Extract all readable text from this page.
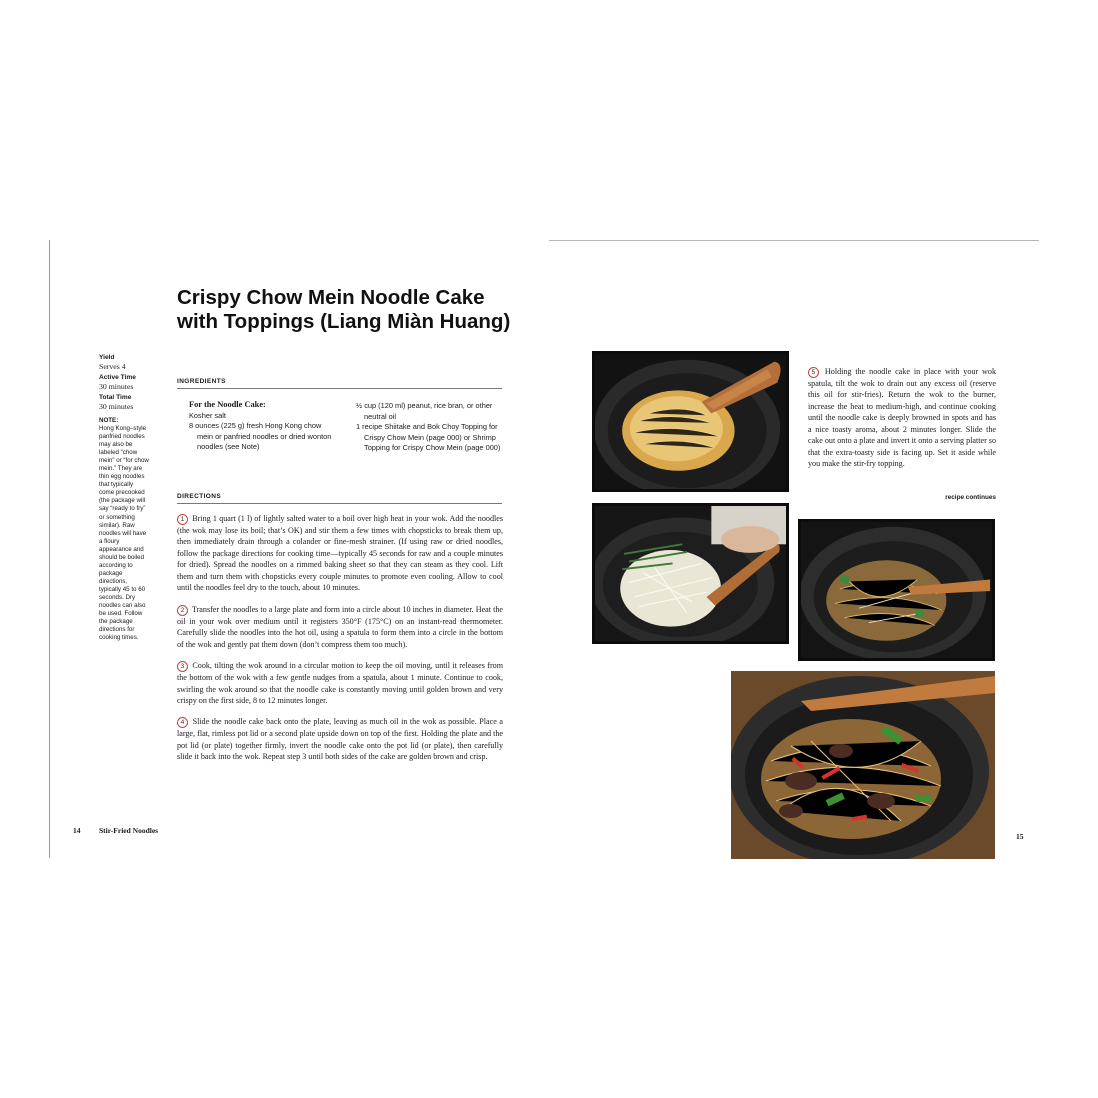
Crispy Chow Mein Noodle Cake with Toppings (Liang Miàn Huang)
Yield
Serves 4
Active Time
30 minutes
Total Time
30 minutes
NOTE:
Hong Kong–style panfried noodles may also be labeled “chow mein” or “for chow mein.” They are thin egg noodles that typically come precooked (the package will say “ready to fry” or something similar). Raw noodles will have a floury appearance and should be boiled according to package directions, typically 45 to 60 seconds. Dry noodles can also be used. Follow the package directions for cooking times.
INGREDIENTS
For the Noodle Cake:
Kosher salt
8 ounces (225 g) fresh Hong Kong chow mein or panfried noodles or dried wonton noodles (see Note)
½ cup (120 ml) peanut, rice bran, or other neutral oil
1 recipe Shiitake and Bok Choy Topping for Crispy Chow Mein (page 000) or Shrimp Topping for Crispy Chow Mein (page 000)
DIRECTIONS

1 Bring 1 quart (1 l) of lightly salted water to a boil over high heat in your wok. Add the noodles (the wok may lose its boil; that’s OK) and stir them a few times with chopsticks to break them up, then immediately drain through a colander or fine-mesh strainer. (If using raw or dried noodles, follow the package directions for cooking time—typically 45 seconds for raw and a couple minutes for dried). Spread the noodles on a rimmed baking sheet so that they can steam as they cool. Lift them and turn them with chopsticks every couple minutes to promote even cooling. Allow to cool until the noodles feel dry to the touch, about 10 minutes.

2 Transfer the noodles to a large plate and form into a circle about 10 inches in diameter. Heat the oil in your wok over medium until it registers 350°F (175°C) on an instant-read thermometer. Carefully slide the noodles into the hot oil, using a spatula to form them into a circle in the bottom of the wok and gently pat them down (don’t compress them too much).

3 Cook, tilting the wok around in a circular motion to keep the oil moving, until it releases from the bottom of the wok with a few gentle nudges from a spatula, about 1 minute. Continue to cook, swirling the wok around so that the noodle cake is constantly moving until golden brown and very crispy on the first side, 8 to 12 minutes longer.

4 Slide the noodle cake back onto the plate, leaving as much oil in the wok as possible. Place a large, flat, rimless pot lid or a second plate upside down on top of the first. Holding the plate and the pot lid (or plate) together firmly, invert the noodle cake onto the pot lid (or plate), then carefully slide it back into the wok. Repeat step 3 until both sides of the cake are golden brown and crisp.

14 Stir-Fried Noodles
15

5 Holding the noodle cake in place with your wok spatula, tilt the wok to drain out any excess oil (reserve this oil for stir-fries). Return the wok to the burner, increase the heat to medium-high, and continue cooking until the noodle cake is deeply browned in spots and has a nice toasty aroma, about 2 minutes longer. Slide the cake out onto a plate and invert it onto a serving platter so that the extra-toasty side is facing up. Set it aside while you make the stir-fry topping.

recipe continues
